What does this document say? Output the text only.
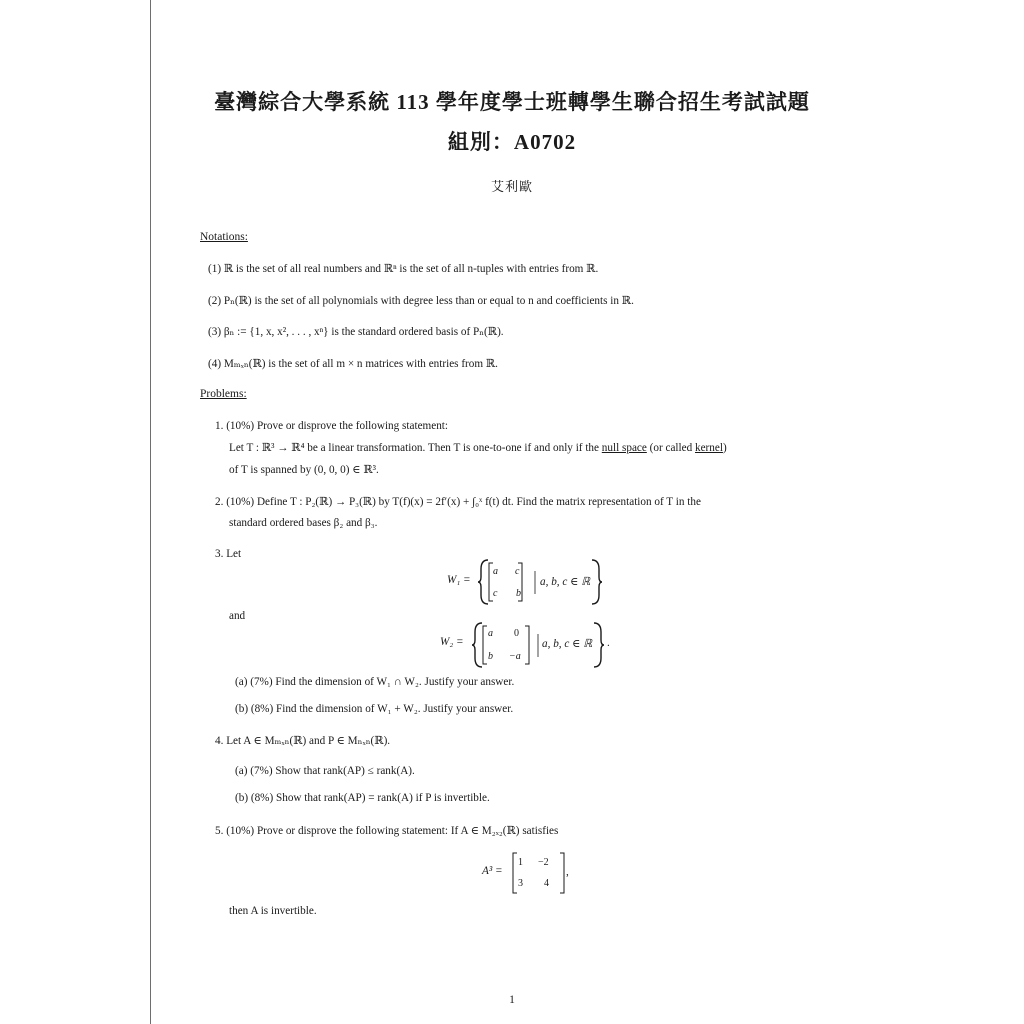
臺灣綜合大學系統 113 學年度學士班轉學生聯合招生考試試題
組別：A0702
艾利歐
Notations:
(1) ℝ is the set of all real numbers and ℝⁿ is the set of all n-tuples with entries from ℝ.
(2) Pₙ(ℝ) is the set of all polynomials with degree less than or equal to n and coefficients in ℝ.
(3) βₙ := {1, x, x², . . . , xⁿ} is the standard ordered basis of Pₙ(ℝ).
(4) Mₘₓₙ(ℝ) is the set of all m × n matrices with entries from ℝ.
Problems:
1. (10%) Prove or disprove the following statement:
Let T : ℝ³ → ℝ⁴ be a linear transformation. Then T is one-to-one if and only if the null space (or called kernel)
of T is spanned by (0, 0, 0) ∈ ℝ³.
2. (10%) Define T : P₂(ℝ) → P₃(ℝ) by T(f)(x) = 2f′(x) + ∫₀ˣ f(t) dt. Find the matrix representation of T in the
standard ordered bases β₂ and β₃.
3. Let
W₁ =
a c
c b
a, b, c ∈ ℝ
and
W₂ =
a 0
b −a
a, b, c ∈ ℝ .
(a) (7%) Find the dimension of W₁ ∩ W₂. Justify your answer.
(b) (8%) Find the dimension of W₁ + W₂. Justify your answer.
4. Let A ∈ Mₘₓₙ(ℝ) and P ∈ Mₙₓₙ(ℝ).
(a) (7%) Show that rank(AP) ≤ rank(A).
(b) (8%) Show that rank(AP) = rank(A) if P is invertible.
5. (10%) Prove or disprove the following statement: If A ∈ M₂ₓ₂(ℝ) satisfies
A³ =
1 −2
3 4
,
then A is invertible.
1
